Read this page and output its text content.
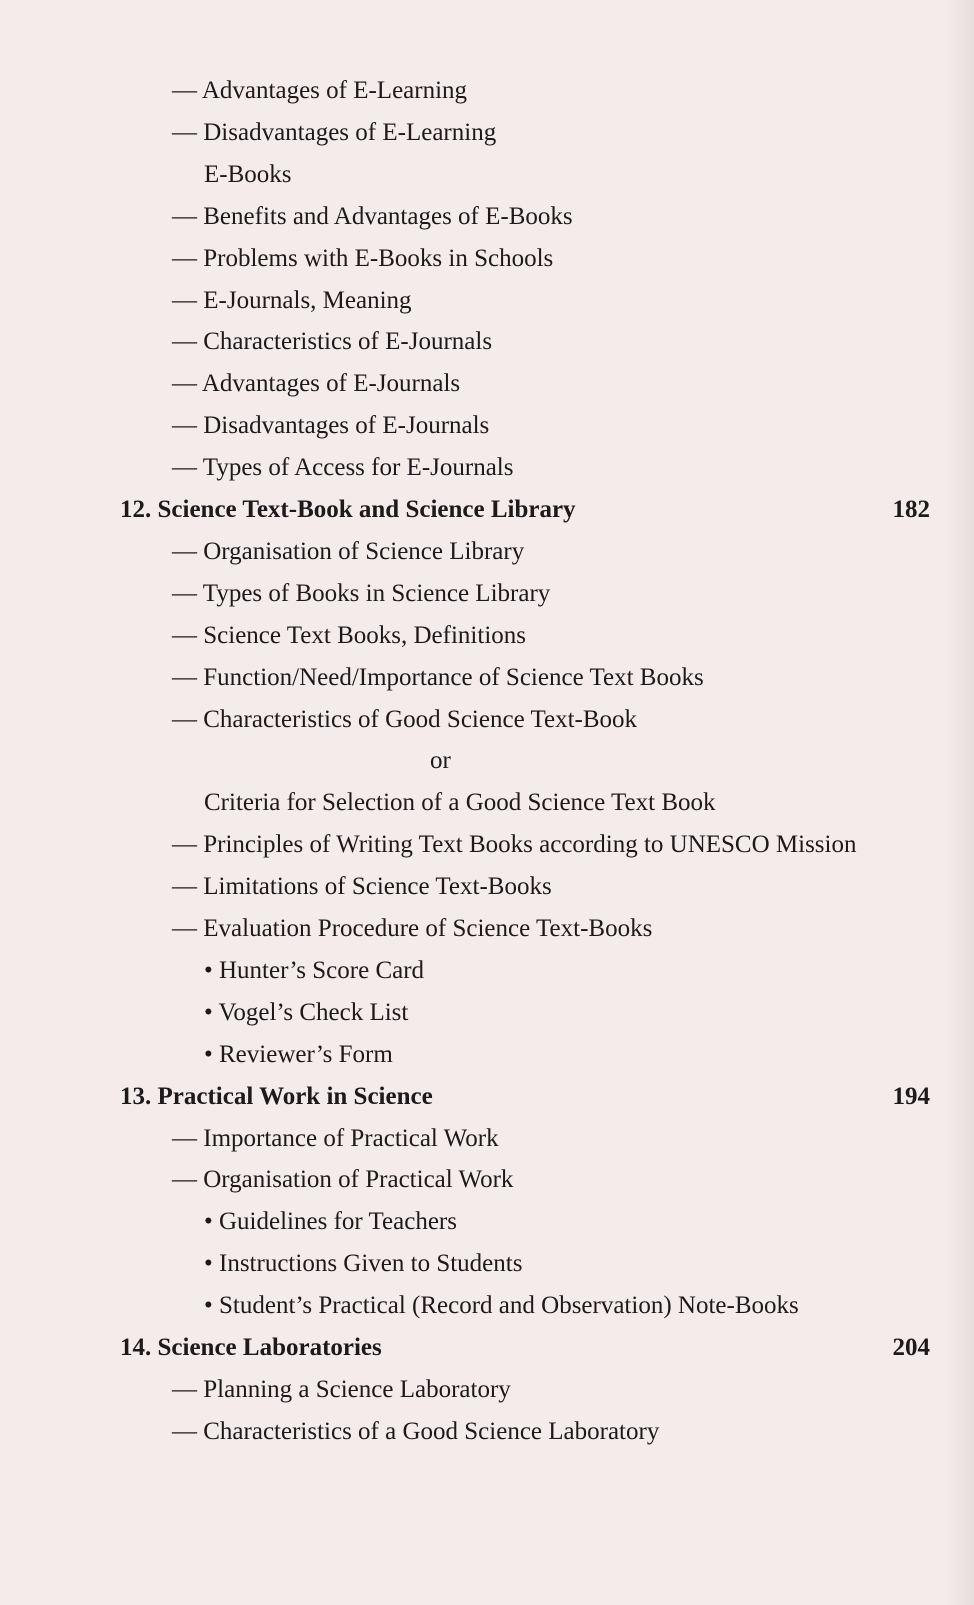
— Advantages of E-Learning
— Disadvantages of E-Learning
E-Books
— Benefits and Advantages of E-Books
— Problems with E-Books in Schools
— E-Journals, Meaning
— Characteristics of E-Journals
— Advantages of E-Journals
— Disadvantages of E-Journals
— Types of Access for E-Journals
12. Science Text-Book and Science Library	182
— Organisation of Science Library
— Types of Books in Science Library
— Science Text Books, Definitions
— Function/Need/Importance of Science Text Books
— Characteristics of Good Science Text-Book
or
Criteria for Selection of a Good Science Text Book
— Principles of Writing Text Books according to UNESCO Mission
— Limitations of Science Text-Books
— Evaluation Procedure of Science Text-Books
• Hunter’s Score Card
• Vogel’s Check List
• Reviewer’s Form
13. Practical Work in Science	194
— Importance of Practical Work
— Organisation of Practical Work
• Guidelines for Teachers
• Instructions Given to Students
• Student’s Practical (Record and Observation) Note-Books
14. Science Laboratories	204
— Planning a Science Laboratory
— Characteristics of a Good Science Laboratory
